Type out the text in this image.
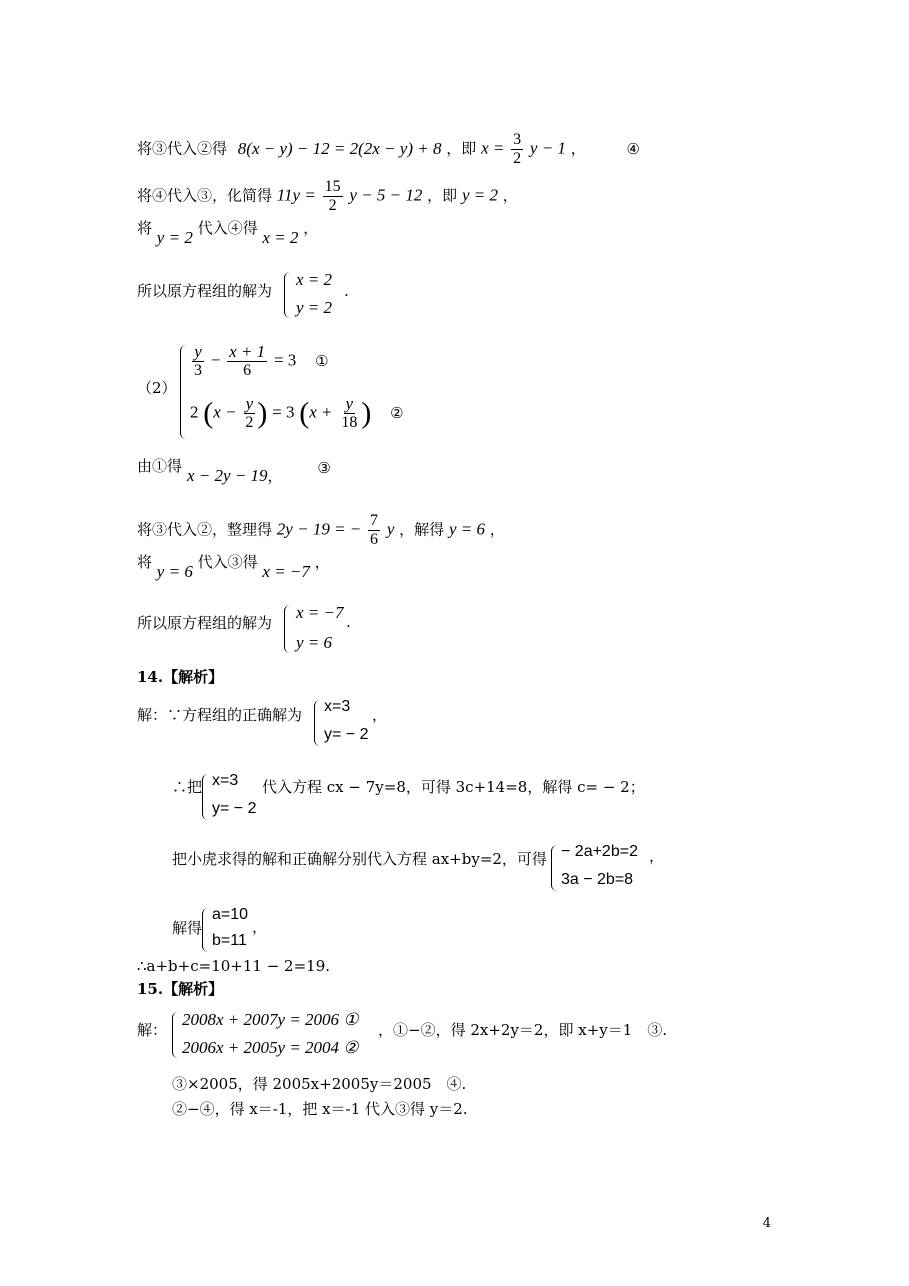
将③代入②得 8(x − y) − 12 = 2(2x − y) + 8 ，即 $x = \frac{3}{2}$ y − 1 ，	④
将④代入③，化简得 $11y = \frac{15}{2}$ y − 5 − 12 ，即 y = 2 ，
将 y = 2 代入④得 x = 2 ，
所以原方程组的解为
x = 2
y = 2
.
（2）
$\frac{y}{3} - \frac{x + 1}{6} = 3$ ①
2 ($x - \frac{y}{2}$ ) = 3 ($x + \frac{y}{18}$ ) ②
由①得 x − 2y − 19， ③
将③代入②，整理得 2y − 19 = − $\frac{7}{6}$ y ，解得 y = 6 ，
将 y = 6 代入③得 x = −7 ，
所以原方程组的解为
x = −7
y = 6
.
14.【解析】
解：∵方程组的正确解为 x=3
y= − 2
，
∴把 x=3
y= − 2
代入方程 cx − 7y=8，可得 3c+14=8，解得 c= − 2；
把小虎求得的解和正确解分别代入方程 ax+by=2，可得 − 2a+2b=2
3a − 2b=8
，
解得
a=10
b=11
，
∴a+b+c=10+11 − 2=19.
15.【解析】
解：
2008x + 2007y = 2006 ①
2006x + 2005y = 2004 ②
，①−②，得 2x+2y＝2，即 x+y＝1　③.
③×2005，得 2005x+2005y＝2005　④.
②−④，得 x＝-1，把 x＝-1 代入③得 y＝2.
4
